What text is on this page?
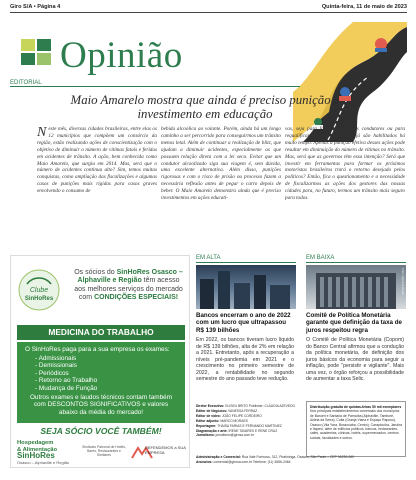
Giro S/A • Página 4	Quinta-feira, 11 de maio de 2023
Opinião
EDITORIAL
Maio Amarelo mostra que ainda é preciso punição e investimento em educação
Neste mês, diversas cidades brasileiras, entre elas os 12 municípios que compõem um consórcio da região, estão realizando ações de conscientização com o objetivo de diminuir o número de vítimas fatais e feridas em acidentes de trânsito. A ação, bem conhecida como Maio Amarelo, que surgiu em 2014. Mas, será que o número de acidentes continua alto? Sim, temos muitas conquistas, como ampliação das fiscalizações e algumas casos de punições mais rígidas para casos graves envolvendo o consumo de
bebida alcoólica ao volante. Porém, ainda há um longo caminho a ser percorrido para conseguirmos um trânsito menos letal. Além de continuar a realização de blitz, que ajudam a diminuir acidentes, especialmente as que possuem relação direta com a lei seca. Evitar que um condutor alcoolizado siga sua viagem é, sem dúvida, uma excelente alternativa. Além disso, punições rigorosas e com o risco de prisão ou processo fazem a necessária reflexão antes de pegar o carro depois de beber. O Maio Amarelo demonstra ainda que é preciso investimentos em ações educati-
vas, seja para formar os futuros condutores ou para requalificar os motoristas que já são habilitados há muito tempo. Apenas a punição efetiva desses ações pode resultar em diminuição do número de vítimas no trânsito. Mas, será que as governos têm essa intenção? Será que investir em ferramentas para formar os próximos motoristas brasileiros trará o retorno desejado pelos políticos? Então, fica o questionamento e a necessidade de fiscalizarmos as ações dos gestores das nossas cidades para, no futuro, termos um trânsito mais seguro para todos.
Clube
SinHoRes
Os sócios do SinHoRes Osasco – Alphaville e Região têm acesso aos melhores serviços do mercado com CONDIÇÕES ESPECIAIS!
MEDICINA DO TRABALHO
O SinHoRes paga para a sua empresa os exames:
- Admissionais
- Demissionais
- Periódicos
- Retorno ao Trabalho
- Mudança de Função
Outros exames e laudos técnicos contam também com DESCONTOS SIGNIFICATIVOS e valores abaixo da média do mercado!
SEJA SÓCIO VOCÊ TAMBÉM!
Hospedagem
& Alimentação
SinHoRes
Osasco – Alphaville e Região
Sindicato Patronal de Hotéis, Bares, Restaurantes e Similares
DEFENDEMOS a SUA EMPRESA
EM ALTA
Bancos encerram o ano de 2022 com um lucro que ultrapassou R$ 139 bilhões
Em 2022, os bancos tiveram lucro líquido de R$ 139 bilhões, alta de 2% em relação a 2021. Entretanto, após a recuperação a níveis pré-pandemia em 2021 e o crescimento no primeiro semestre de 2022, a rentabilidade no segundo semestre do ano passado teve redução.
EM BAIXA
Foto: Agência Brasil
Comitê de Política Monetária garante que definição da taxa de juros respeitou regra
O Comitê de Política Monetária (Copom) do Banco Central afirmou que a condução da política monetária, de definição dos juros básicos da economia para seguir a inflação, pode "persistir e vigilante". Mais uma vez, o órgão reforçou a possibilidade de aumentar a taxa Selic.
Diretor Executivo: ELISEU BRITO Publisher: CLÁUDIA AZEVEDO
Editor de Negócios: VANESSA FERRAZ
Editor de vídeo: JOÃO FELIPE CORDEIRO
Editor adjunto: MARCO MORAES
Reportagem: THAISA FARIAS E FERNANDO MARTINEZ
Diagramação e arte: IRENE TAVARES E RENE CRUZ
Jornalismo: jornalismo@girosa.com.br
Distribuição gratuita de quintas-feiras 50 mil exemplares
Nos principais estabelecimentos comerciais dos municípios de Barueri e Santana de Parnaíba (Alphaville, Tamboré, Aldeia da Serra), Cotia (Granja Viana e Espaço Raposo), Osasco (Vila Yara, Bussocaba, Centro), Carapicuíba, Jandira e Itapevi, além de edifícios públicos, bancos, restaurantes, cafés, academias, clínicas, hotéis, supermercados, centros sociais, faculdades e outros.
Administração e Comercial: Rua Vale Formoso, 312, Piratininga, Osasco, São Paulo – CEP 06230-060
Anúncios: comercial@girosa.com.br Telefone: (11) 3656-2464
